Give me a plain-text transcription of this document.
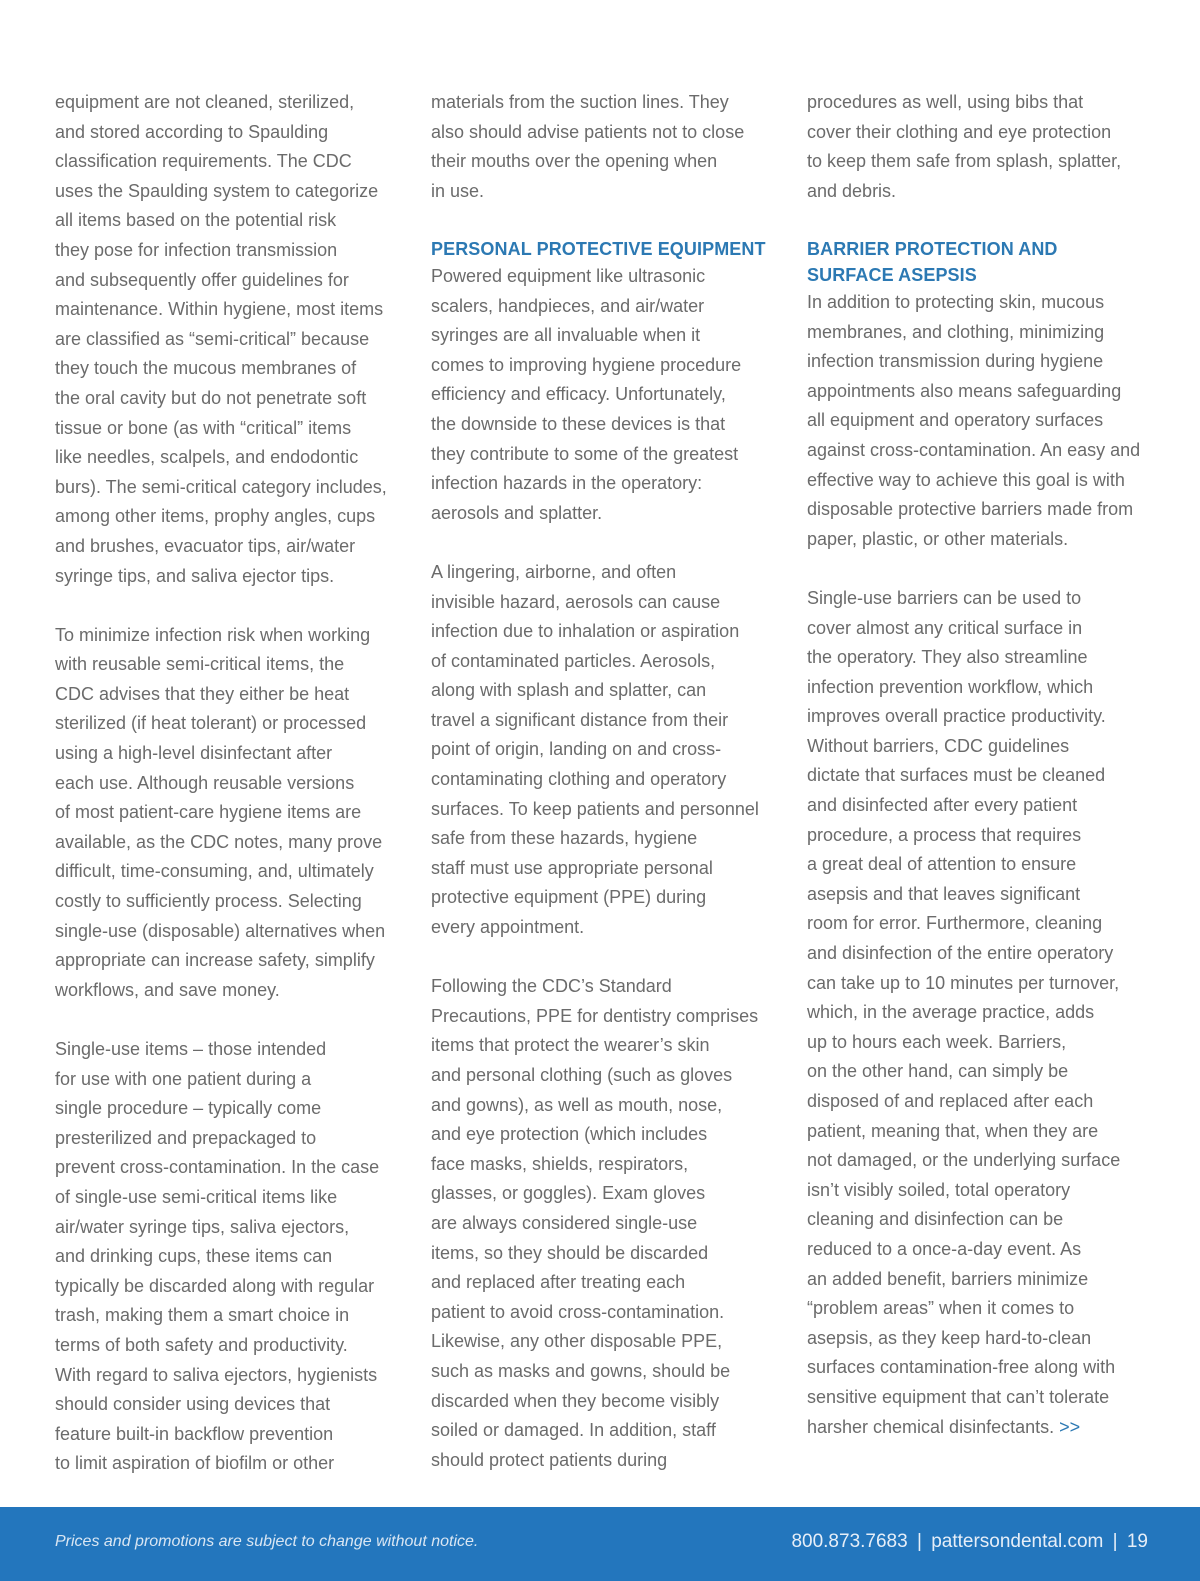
equipment are not cleaned, sterilized,
and stored according to Spaulding
classification requirements. The CDC
uses the Spaulding system to categorize
all items based on the potential risk
they pose for infection transmission
and subsequently offer guidelines for
maintenance. Within hygiene, most items
are classified as “semi-critical” because
they touch the mucous membranes of
the oral cavity but do not penetrate soft
tissue or bone (as with “critical” items
like needles, scalpels, and endodontic
burs). The semi-critical category includes,
among other items, prophy angles, cups
and brushes, evacuator tips, air/water
syringe tips, and saliva ejector tips.
To minimize infection risk when working
with reusable semi-critical items, the
CDC advises that they either be heat
sterilized (if heat tolerant) or processed
using a high-level disinfectant after
each use. Although reusable versions
of most patient-care hygiene items are
available, as the CDC notes, many prove
difficult, time-consuming, and, ultimately
costly to sufficiently process. Selecting
single-use (disposable) alternatives when
appropriate can increase safety, simplify
workflows, and save money.
Single-use items – those intended
for use with one patient during a
single procedure – typically come
presterilized and prepackaged to
prevent cross-contamination. In the case
of single-use semi-critical items like
air/water syringe tips, saliva ejectors,
and drinking cups, these items can
typically be discarded along with regular
trash, making them a smart choice in
terms of both safety and productivity.
With regard to saliva ejectors, hygienists
should consider using devices that
feature built-in backflow prevention
to limit aspiration of biofilm or other
materials from the suction lines. They
also should advise patients not to close
their mouths over the opening when
in use.
PERSONAL PROTECTIVE EQUIPMENT
Powered equipment like ultrasonic
scalers, handpieces, and air/water
syringes are all invaluable when it
comes to improving hygiene procedure
efficiency and efficacy. Unfortunately,
the downside to these devices is that
they contribute to some of the greatest
infection hazards in the operatory:
aerosols and splatter.
A lingering, airborne, and often
invisible hazard, aerosols can cause
infection due to inhalation or aspiration
of contaminated particles. Aerosols,
along with splash and splatter, can
travel a significant distance from their
point of origin, landing on and cross-
contaminating clothing and operatory
surfaces. To keep patients and personnel
safe from these hazards, hygiene
staff must use appropriate personal
protective equipment (PPE) during
every appointment.
Following the CDC’s Standard
Precautions, PPE for dentistry comprises
items that protect the wearer’s skin
and personal clothing (such as gloves
and gowns), as well as mouth, nose,
and eye protection (which includes
face masks, shields, respirators,
glasses, or goggles). Exam gloves
are always considered single-use
items, so they should be discarded
and replaced after treating each
patient to avoid cross-contamination.
Likewise, any other disposable PPE,
such as masks and gowns, should be
discarded when they become visibly
soiled or damaged. In addition, staff
should protect patients during
procedures as well, using bibs that
cover their clothing and eye protection
to keep them safe from splash, splatter,
and debris.
BARRIER PROTECTION AND
SURFACE ASEPSIS
In addition to protecting skin, mucous
membranes, and clothing, minimizing
infection transmission during hygiene
appointments also means safeguarding
all equipment and operatory surfaces
against cross-contamination. An easy and
effective way to achieve this goal is with
disposable protective barriers made from
paper, plastic, or other materials.
Single-use barriers can be used to
cover almost any critical surface in
the operatory. They also streamline
infection prevention workflow, which
improves overall practice productivity.
Without barriers, CDC guidelines
dictate that surfaces must be cleaned
and disinfected after every patient
procedure, a process that requires
a great deal of attention to ensure
asepsis and that leaves significant
room for error. Furthermore, cleaning
and disinfection of the entire operatory
can take up to 10 minutes per turnover,
which, in the average practice, adds
up to hours each week. Barriers,
on the other hand, can simply be
disposed of and replaced after each
patient, meaning that, when they are
not damaged, or the underlying surface
isn’t visibly soiled, total operatory
cleaning and disinfection can be
reduced to a once-a-day event. As
an added benefit, barriers minimize
“problem areas” when it comes to
asepsis, as they keep hard-to-clean
surfaces contamination-free along with
sensitive equipment that can’t tolerate
harsher chemical disinfectants. >>
Prices and promotions are subject to change without notice.	800.873.7683 | pattersondental.com | 19
